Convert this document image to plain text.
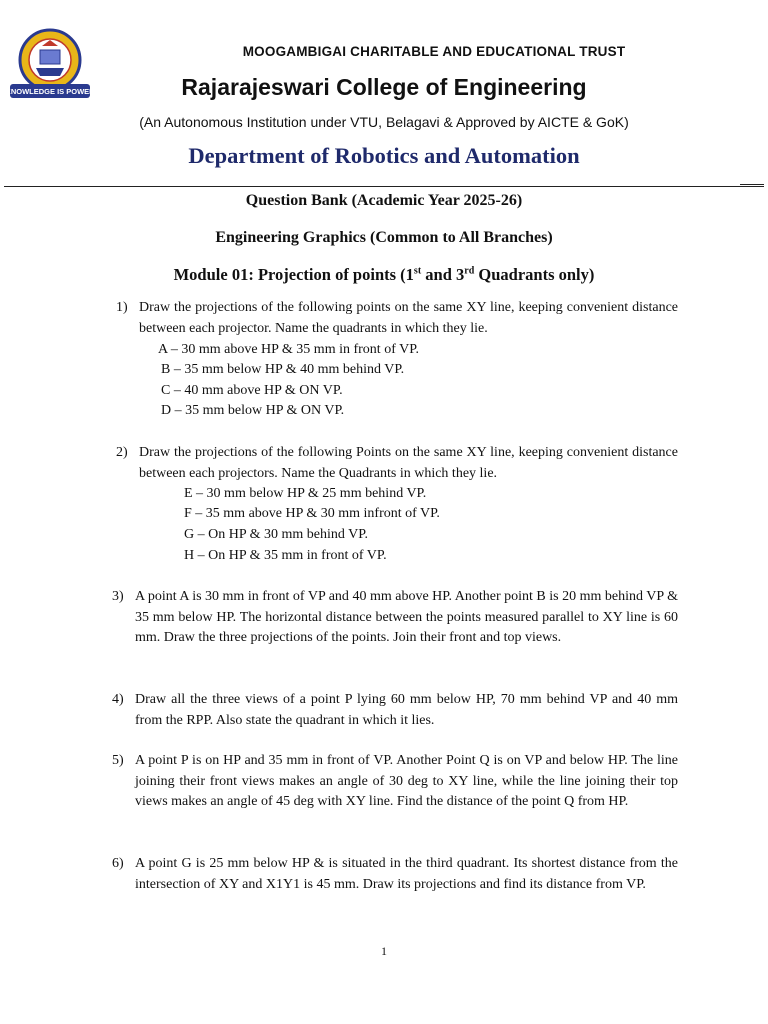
KNOWLEDGE IS POWER
MOOGAMBIGAI CHARITABLE AND EDUCATIONAL TRUST
Rajarajeswari College of Engineering
(An Autonomous Institution under VTU, Belagavi & Approved by AICTE & GoK)
Department of Robotics and Automation
Question Bank (Academic Year 2025-26)
Engineering Graphics (Common to All Branches)
Module 01: Projection of points (1st and 3rd Quadrants only)
1) Draw the projections of the following points on the same XY line, keeping convenient distance between each projector. Name the quadrants in which they lie.
A – 30 mm above HP & 35 mm in front of VP.
B – 35 mm below HP & 40 mm behind VP.
C – 40 mm above HP & ON VP.
D – 35 mm below HP & ON VP.
2) Draw the projections of the following Points on the same XY line, keeping convenient distance between each projectors. Name the Quadrants in which they lie.
E – 30 mm below HP & 25 mm behind VP.
F – 35 mm above HP & 30 mm infront of VP.
G – On HP & 30 mm behind VP.
H – On HP & 35 mm in front of VP.
3) A point A is 30 mm in front of VP and 40 mm above HP. Another point B is 20 mm behind VP & 35 mm below HP. The horizontal distance between the points measured parallel to XY line is 60 mm. Draw the three projections of the points. Join their front and top views.
4) Draw all the three views of a point P lying 60 mm below HP, 70 mm behind VP and 40 mm from the RPP. Also state the quadrant in which it lies.
5) A point P is on HP and 35 mm in front of VP. Another Point Q is on VP and below HP. The line joining their front views makes an angle of 30 deg to XY line, while the line joining their top views makes an angle of 45 deg with XY line. Find the distance of the point Q from HP.
6) A point G is 25 mm below HP & is situated in the third quadrant. Its shortest distance from the intersection of XY and X1Y1 is 45 mm. Draw its projections and find its distance from VP.
1
